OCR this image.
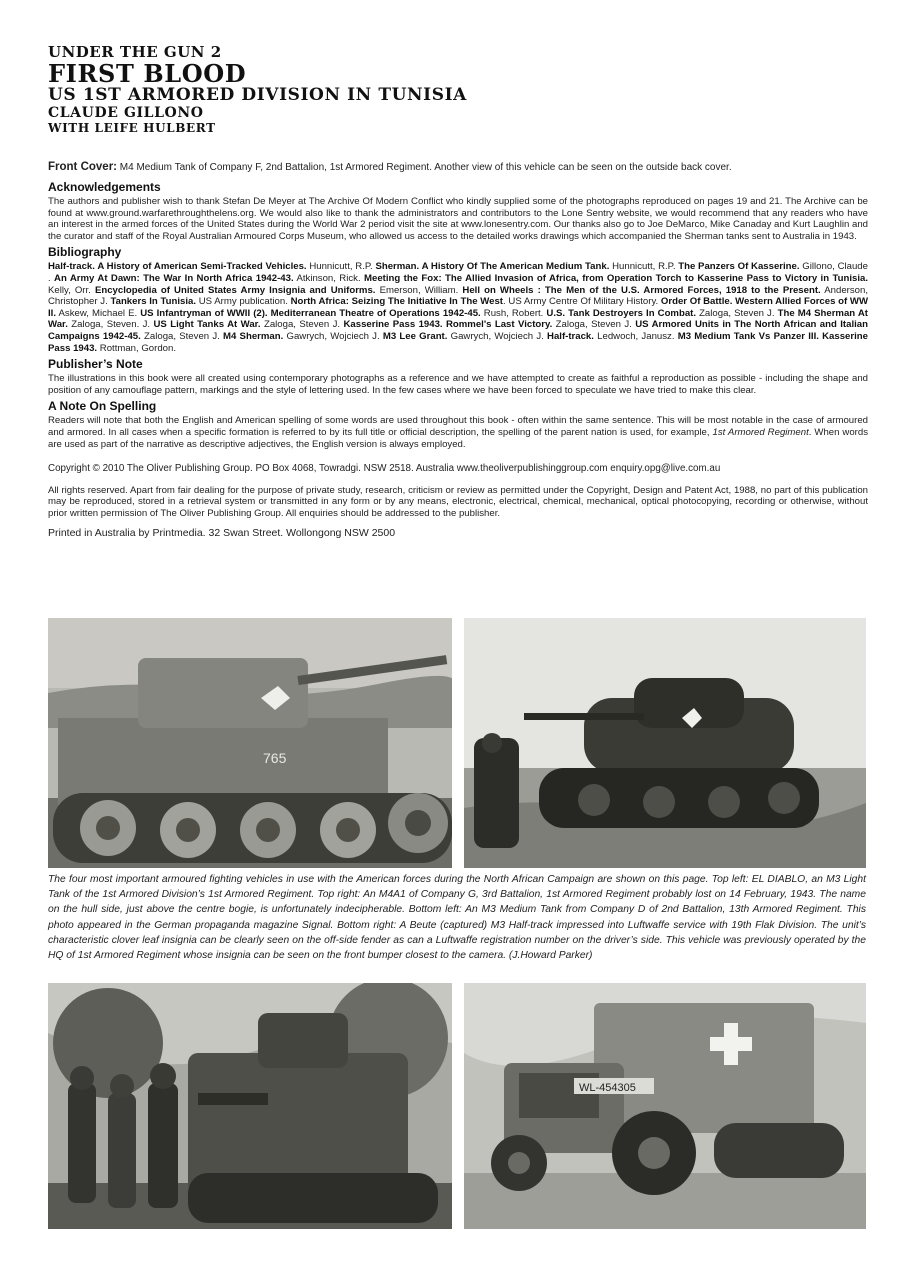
UNDER THE GUN 2
FIRST BLOOD
US 1ST ARMORED DIVISION IN TUNISIA
CLAUDE GILLONO
WITH LEIFE HULBERT

Front Cover: M4 Medium Tank of Company F, 2nd Battalion, 1st Armored Regiment. Another view of this vehicle can be seen on the outside back cover.

Acknowledgements

The authors and publisher wish to thank Stefan De Meyer at The Archive Of Modern Conflict who kindly supplied some of the photographs reproduced on pages 19 and 21. The Archive can be found at www.ground.warfarethroughthelens.org. We would also like to thank the administrators and contributors to the Lone Sentry website, we would recommend that any readers who have an interest in the armed forces of the United States during the World War 2 period visit the site at www.lonesentry.com. Our thanks also go to Joe DeMarco, Mike Canaday and Kurt Laughlin and the curator and staff of the Royal Australian Armoured Corps Museum, who allowed us access to the detailed works drawings which accompanied the Sherman tanks sent to Australia in 1943.

Bibliography

Half-track. A History of American Semi-Tracked Vehicles. Hunnicutt, R.P. Sherman. A History Of The American Medium Tank. Hunnicutt, R.P. The Panzers Of Kasserine. Gillono, Claude . An Army At Dawn: The War In North Africa 1942-43. Atkinson, Rick. Meeting the Fox: The Allied Invasion of Africa, from Operation Torch to Kasserine Pass to Victory in Tunisia. Kelly, Orr. Encyclopedia of United States Army Insignia and Uniforms. Emerson, William. Hell on Wheels : The Men of the U.S. Armored Forces, 1918 to the Present. Anderson, Christopher J. Tankers In Tunisia. US Army publication. North Africa: Seizing The Initiative In The West. US Army Centre Of Military History. Order Of Battle. Western Allied Forces of WW II. Askew, Michael E. US Infantryman of WWII (2). Mediterranean Theatre of Operations 1942-45. Rush, Robert. U.S. Tank Destroyers In Combat. Zaloga, Steven J. The M4 Sherman At War. Zaloga, Steven. J. US Light Tanks At War. Zaloga, Steven J. Kasserine Pass 1943. Rommel's Last Victory. Zaloga, Steven J. US Armored Units in The North African and Italian Campaigns 1942-45. Zaloga, Steven J. M4 Sherman. Gawrych, Wojciech J. M3 Lee Grant. Gawrych, Wojciech J. Half-track. Ledwoch, Janusz. M3 Medium Tank Vs Panzer III. Kasserine Pass 1943. Rottman, Gordon.

Publisher’s Note

The illustrations in this book were all created using contemporary photographs as a reference and we have attempted to create as faithful a reproduction as possible - including the shape and position of any camouflage pattern, markings and the style of lettering used. In the few cases where we have been forced to speculate we have tried to make this clear.

A Note On Spelling

Readers will note that both the English and American spelling of some words are used throughout this book - often within the same sentence. This will be most notable in the case of armoured and armored. In all cases when a specific formation is referred to by its full title or official description, the spelling of the parent nation is used, for example, 1st Armored Regiment. When words are used as part of the narrative as descriptive adjectives, the English version is always employed.

Copyright © 2010 The Oliver Publishing Group. PO Box 4068, Towradgi. NSW 2518. Australia www.theoliverpublishinggroup.com enquiry.opg@live.com.au

All rights reserved. Apart from fair dealing for the purpose of private study, research, criticism or review as permitted under the Copyright, Design and Patent Act, 1988, no part of this publication may be reproduced, stored in a retrieval system or transmitted in any form or by any means, electronic, electrical, chemical, mechanical, optical photocopying, recording or otherwise, without prior written permission of The Oliver Publishing Group. All enquiries should be addressed to the publisher.

Printed in Australia by Printmedia. 32 Swan Street. Wollongong NSW 2500

765

The four most important armoured fighting vehicles in use with the American forces during the North African Campaign are shown on this page. Top left: EL DIABLO, an M3 Light Tank of the 1st Armored Division’s 1st Armored Regiment. Top right: An M4A1 of Company G, 3rd Battalion, 1st Armored Regiment probably lost on 14 February, 1943. The name on the hull side, just above the centre bogie, is unfortunately indecipherable. Bottom left: An M3 Medium Tank from Company D of 2nd Battalion, 13th Armored Regiment. This photo appeared in the German propaganda magazine Signal. Bottom right: A Beute (captured) M3 Half-track impressed into Luftwaffe service with 19th Flak Division. The unit’s characteristic clover leaf insignia can be clearly seen on the off-side fender as can a Luftwaffe registration number on the driver’s side. This vehicle was previously operated by the HQ of 1st Armored Regiment whose insignia can be seen on the front bumper closest to the camera. (J.Howard Parker)

WL-454305
